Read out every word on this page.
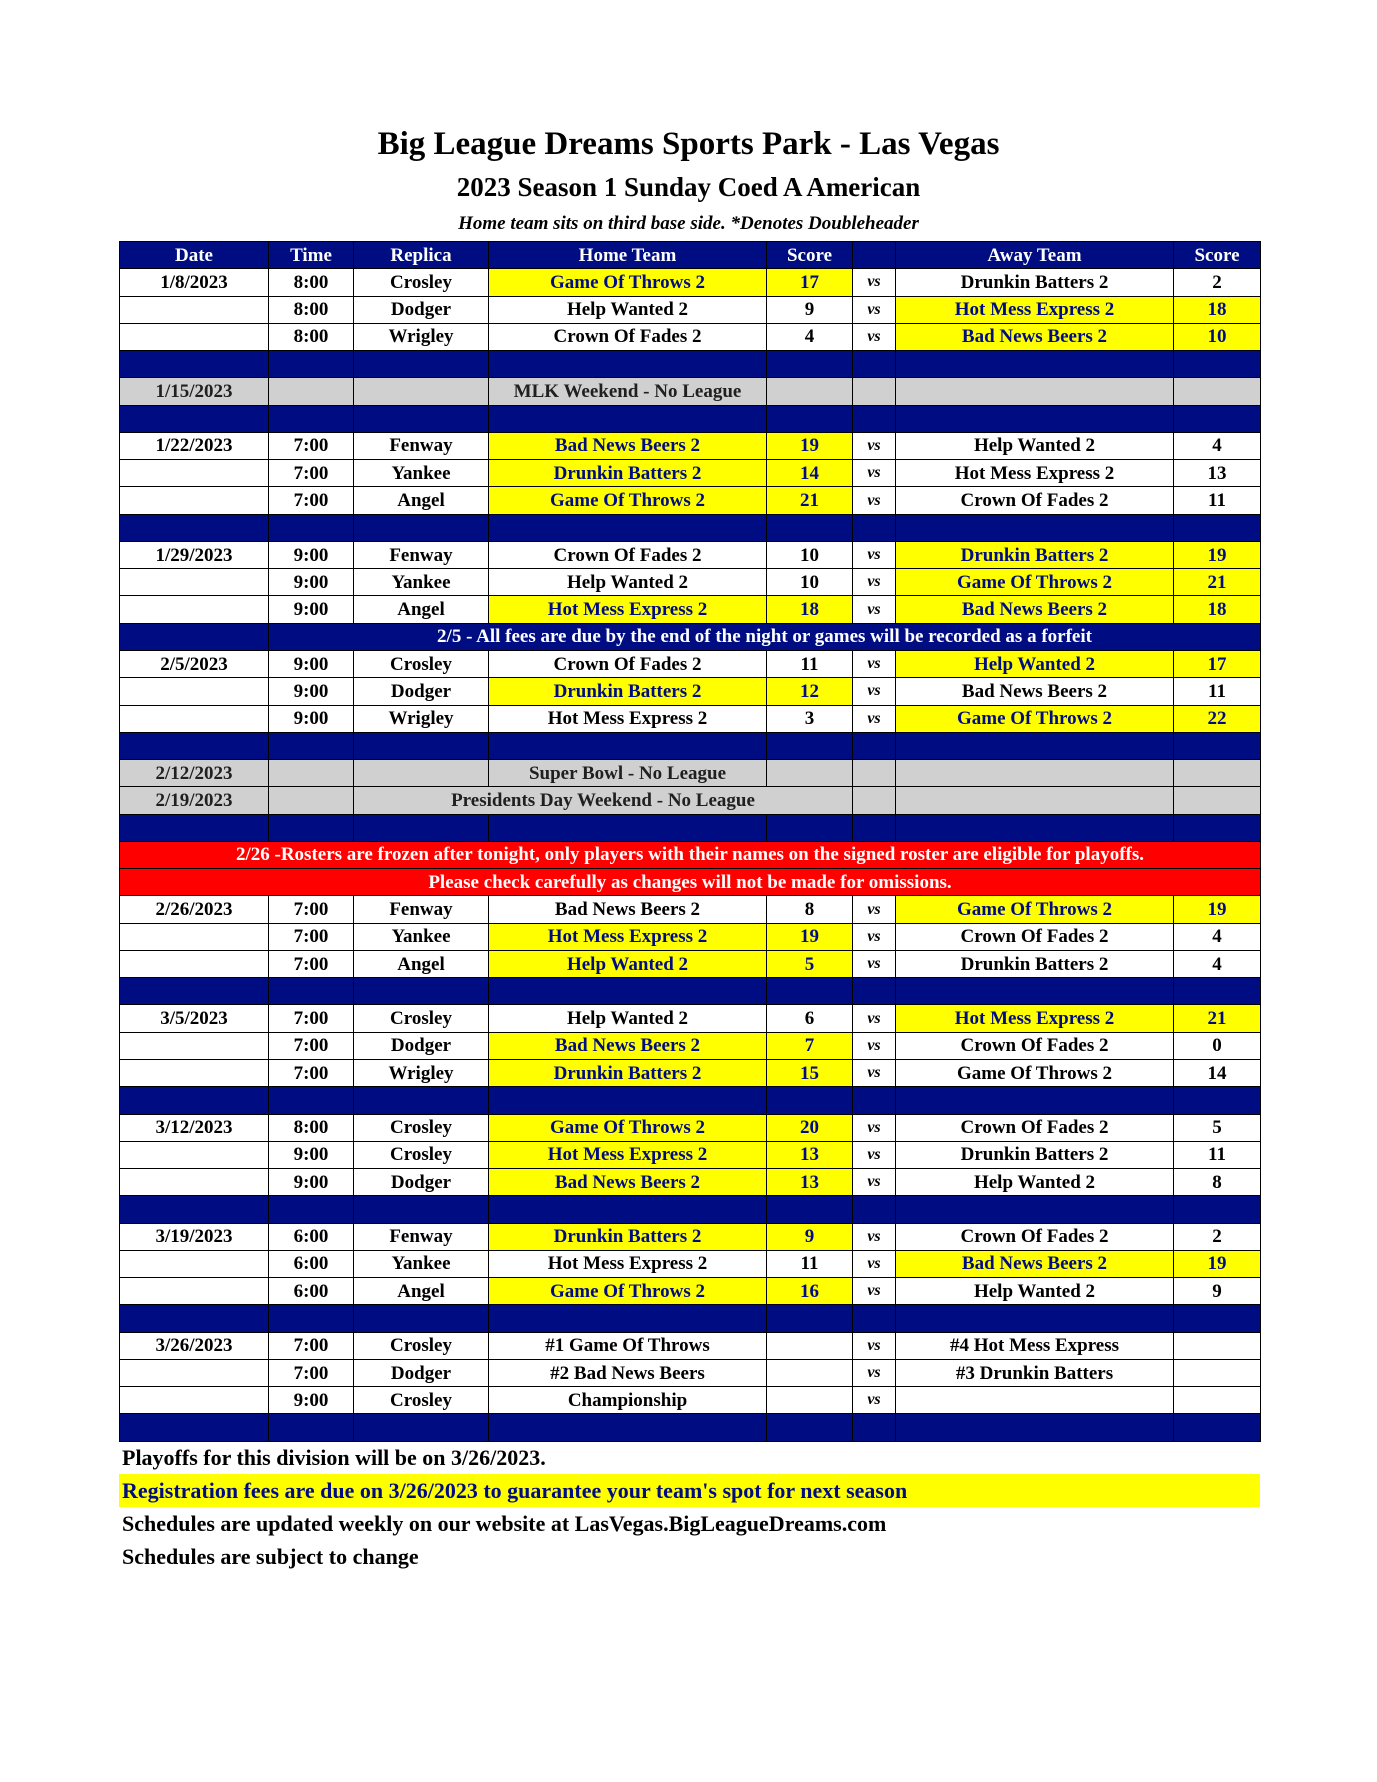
Big League Dreams Sports Park - Las Vegas
2023 Season 1 Sunday Coed A American
Home team sits on third base side. *Denotes Doubleheader
Date	Time	Replica	Home Team	Score		Away Team	Score
1/8/2023	8:00	Crosley	Game Of Throws 2	17	vs	Drunkin Batters 2	2
	8:00	Dodger	Help Wanted 2	9	vs	Hot Mess Express 2	18
	8:00	Wrigley	Crown Of Fades 2	4	vs	Bad News Beers 2	10

1/15/2023			MLK Weekend - No League				

1/22/2023	7:00	Fenway	Bad News Beers 2	19	vs	Help Wanted 2	4
	7:00	Yankee	Drunkin Batters 2	14	vs	Hot Mess Express 2	13
	7:00	Angel	Game Of Throws 2	21	vs	Crown Of Fades 2	11

1/29/2023	9:00	Fenway	Crown Of Fades 2	10	vs	Drunkin Batters 2	19
	9:00	Yankee	Help Wanted 2	10	vs	Game Of Throws 2	21
	9:00	Angel	Hot Mess Express 2	18	vs	Bad News Beers 2	18
	2/5 - All fees are due by the end of the night or games will be recorded as a forfeit						
2/5/2023	9:00	Crosley	Crown Of Fades 2	11	vs	Help Wanted 2	17
	9:00	Dodger	Drunkin Batters 2	12	vs	Bad News Beers 2	11
	9:00	Wrigley	Hot Mess Express 2	3	vs	Game Of Throws 2	22

2/12/2023			Super Bowl - No League				
2/19/2023		Presidents Day Weekend - No League					

2/26 -Rosters are frozen after tonight, only players with their names on the signed roster are eligible for playoffs.							
Please check carefully as changes will not be made for omissions.							
2/26/2023	7:00	Fenway	Bad News Beers 2	8	vs	Game Of Throws 2	19
	7:00	Yankee	Hot Mess Express 2	19	vs	Crown Of Fades 2	4
	7:00	Angel	Help Wanted 2	5	vs	Drunkin Batters 2	4

3/5/2023	7:00	Crosley	Help Wanted 2	6	vs	Hot Mess Express 2	21
	7:00	Dodger	Bad News Beers 2	7	vs	Crown Of Fades 2	0
	7:00	Wrigley	Drunkin Batters 2	15	vs	Game Of Throws 2	14

3/12/2023	8:00	Crosley	Game Of Throws 2	20	vs	Crown Of Fades 2	5
	9:00	Crosley	Hot Mess Express 2	13	vs	Drunkin Batters 2	11
	9:00	Dodger	Bad News Beers 2	13	vs	Help Wanted 2	8

3/19/2023	6:00	Fenway	Drunkin Batters 2	9	vs	Crown Of Fades 2	2
	6:00	Yankee	Hot Mess Express 2	11	vs	Bad News Beers 2	19
	6:00	Angel	Game Of Throws 2	16	vs	Help Wanted 2	9

3/26/2023	7:00	Crosley	#1 Game Of Throws		vs	#4 Hot Mess Express	
	7:00	Dodger	#2 Bad News Beers		vs	#3 Drunkin Batters	
	9:00	Crosley	Championship		vs		

Playoffs for this division will be on 3/26/2023.
Registration fees are due on 3/26/2023 to guarantee your team's spot for next season
Schedules are updated weekly on our website at LasVegas.BigLeagueDreams.com
Schedules are subject to change
